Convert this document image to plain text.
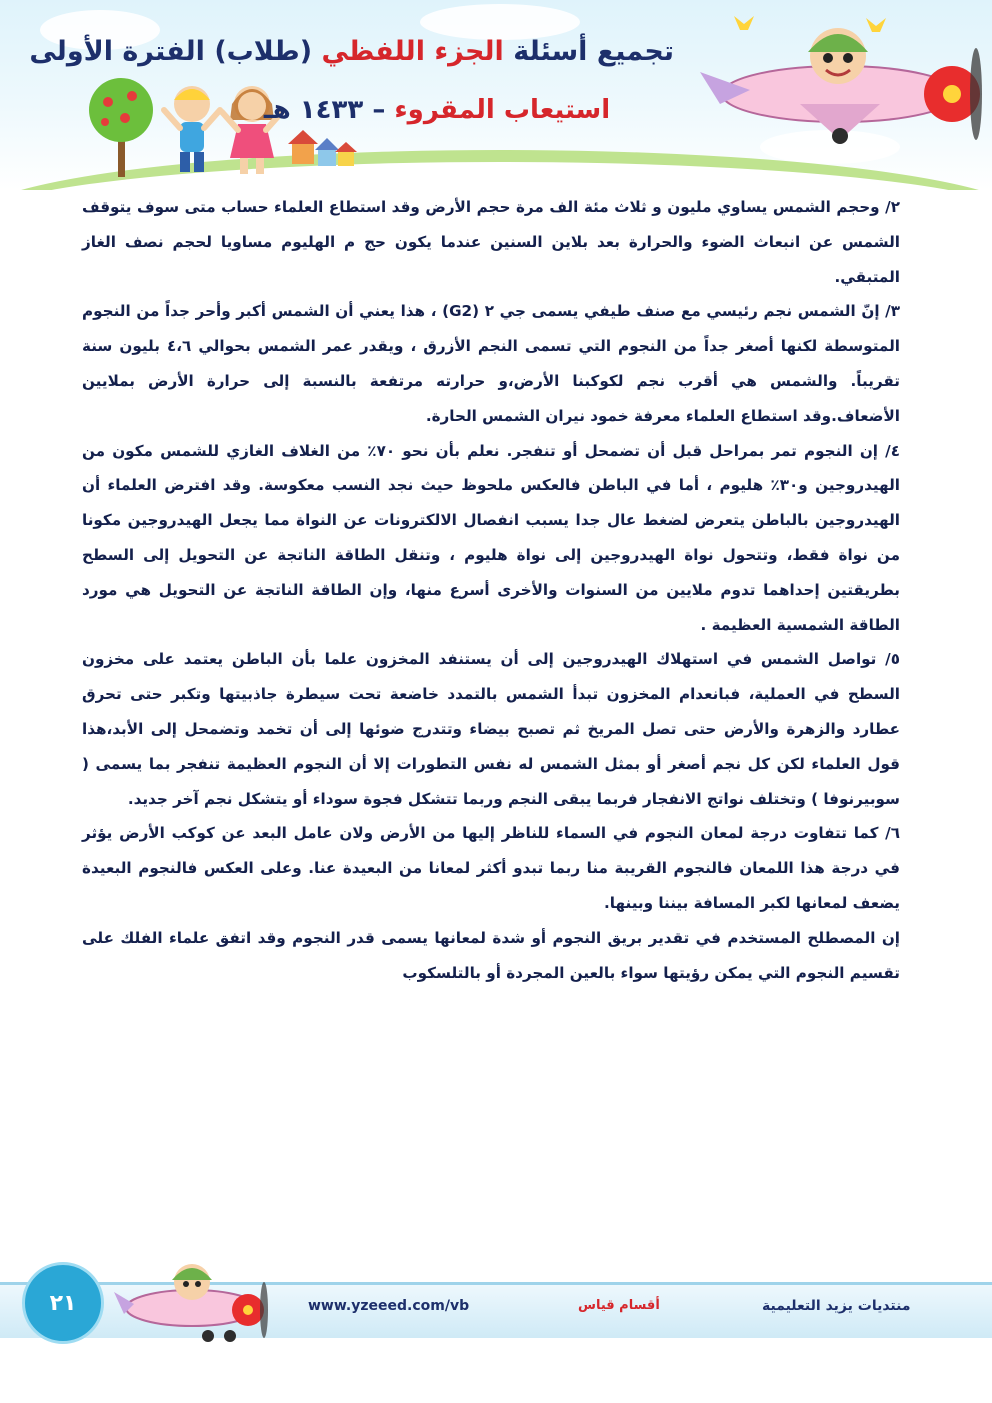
تجميع أسئلة الجزء اللفظي (طلاب) الفترة الأولى
استيعاب المقروء – ١٤٣٣ هـ

٢/ وحجم الشمس يساوي مليون و ثلاث مئة الف مرة حجم الأرض وقد استطاع العلماء حساب متى سوف يتوقف الشمس عن انبعاث الضوء والحرارة بعد بلاين السنين عندما يكون حج م الهليوم مساويا لحجم نصف الغاز المتبقي.

٣/ إنّ الشمس نجم رئيسي مع صنف طيفي يسمى جي ٢ (G2) ، هذا يعني أن الشمس أكبر وأحر جداً من النجوم المتوسطة لكنها أصغر جداً من النجوم التي تسمى النجم الأزرق ، ويقدر عمر الشمس بحوالي ٤،٦ بليون سنة تقريباً. والشمس هي أقرب نجم لكوكبنا الأرض،و حرارته مرتفعة بالنسبة إلى حرارة الأرض بملايين الأضعاف.وقد استطاع العلماء معرفة خمود نيران الشمس الحارة.

٤/ إن النجوم تمر بمراحل قبل أن تضمحل أو تنفجر. نعلم بأن نحو ٧٠٪ من الغلاف الغازي للشمس مكون من الهيدروجين و٣٠٪ هليوم ، أما في الباطن فالعكس ملحوظ حيث نجد النسب معكوسة. وقد افترض العلماء أن الهيدروجين بالباطن يتعرض لضغط عال جدا يسبب انفصال الالكترونات عن النواة مما يجعل الهيدروجين مكونا من نواة فقط، وتتحول نواة الهيدروجين إلى نواة هليوم ، وتنقل الطاقة الناتجة عن التحويل إلى السطح بطريقتين إحداهما تدوم ملايين من السنوات والأخرى أسرع منها، وإن الطاقة الناتجة عن التحويل هي مورد الطاقة الشمسية العظيمة .

٥/ تواصل الشمس في استهلاك الهيدروجين إلى أن يستنفد المخزون علما بأن الباطن يعتمد على مخزون السطح في العملية، فبانعدام المخزون تبدأ الشمس بالتمدد خاضعة تحت سيطرة جاذبيتها وتكبر حتى تحرق عطارد والزهرة والأرض حتى تصل المريخ ثم تصبح بيضاء وتتدرج ضوئها إلى أن تخمد وتضمحل إلى الأبد،هذا قول العلماء لكن كل نجم أصغر أو بمثل الشمس له نفس التطورات إلا أن النجوم العظيمة تنفجر بما يسمى ( سوبيرنوفا ) وتختلف نواتج الانفجار فربما يبقى النجم وربما تتشكل فجوة سوداء أو يتشكل نجم آخر جديد.

٦/ كما تتفاوت درجة لمعان النجوم في السماء للناظر إليها من الأرض ولان عامل البعد عن كوكب الأرض يؤثر في درجة هذا اللمعان فالنجوم القريبة منا ربما تبدو أكثر لمعانا من البعيدة عنا. وعلى العكس فالنجوم البعيدة يضعف لمعانها لكبر المسافة بيننا وبينها.

إن المصطلح المستخدم في تقدير بريق النجوم أو شدة لمعانها يسمى قدر النجوم وقد اتفق علماء الفلك على تقسيم النجوم التي يمكن رؤيتها سواء بالعين المجردة أو بالتلسكوب

٢١	www.yzeeed.com/vb	أقسام قياس	منتديات يزيد التعليمية
